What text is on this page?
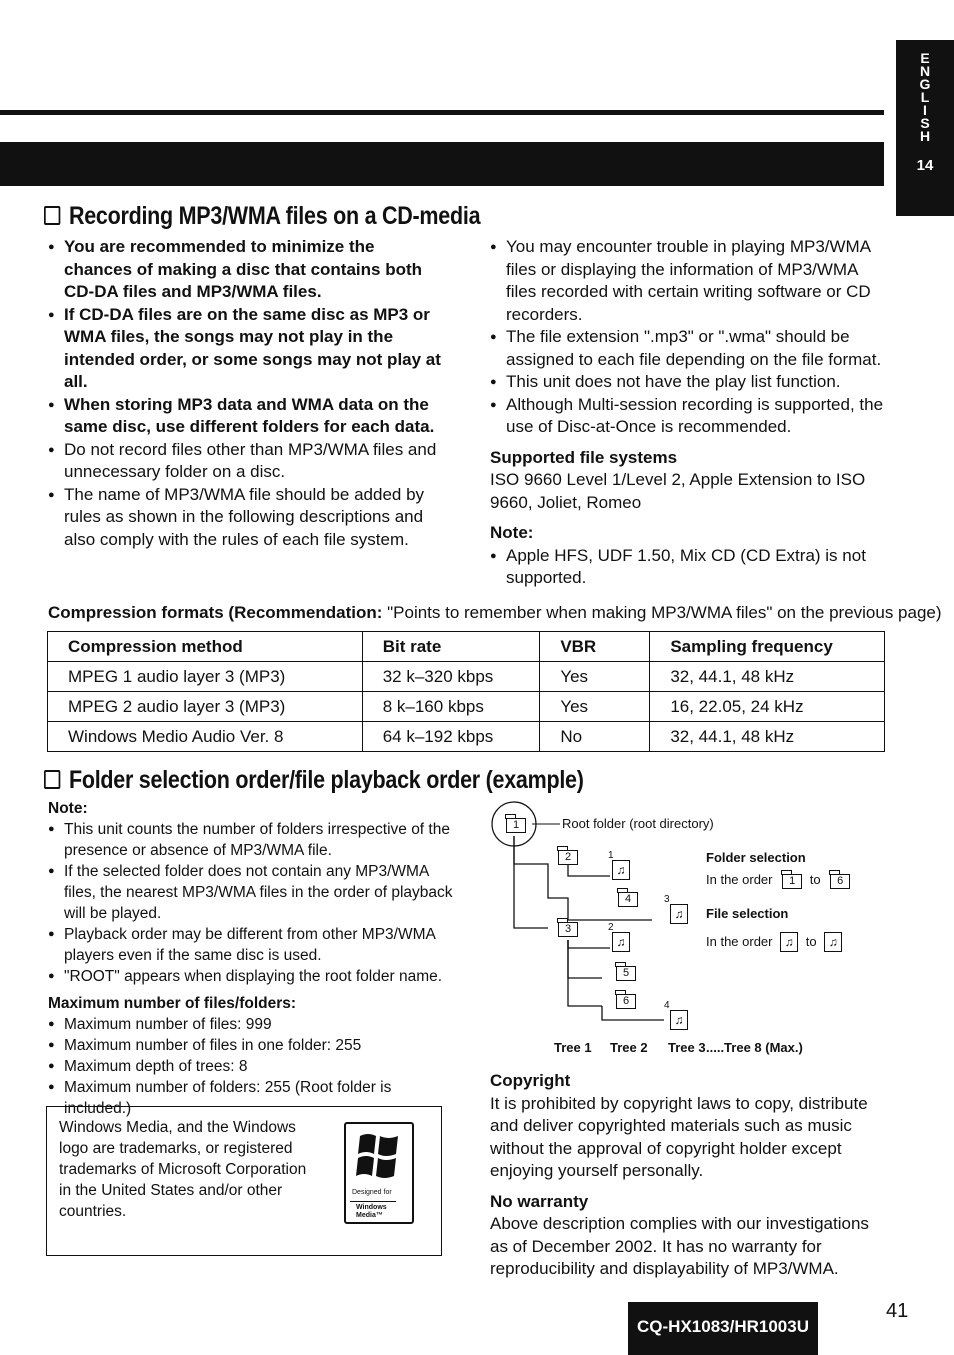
E
N
G
L
I
S
H
14
Recording MP3/WMA files on a CD-media

● You are recommended to minimize the chances of making a disc that contains both CD-DA files and MP3/WMA files.

● If CD-DA files are on the same disc as MP3 or WMA files, the songs may not play in the intended order, or some songs may not play at all.

● When storing MP3 data and WMA data on the same disc, use different folders for each data.

● Do not record files other than MP3/WMA files and unnecessary folder on a disc.

● The name of MP3/WMA file should be added by rules as shown in the following descriptions and also comply with the rules of each file system.

● You may encounter trouble in playing MP3/WMA files or displaying the information of MP3/WMA files recorded with certain writing software or CD recorders.

● The file extension ".mp3" or ".wma" should be assigned to each file depending on the file format.

● This unit does not have the play list function.

● Although Multi-session recording is supported, the use of Disc-at-Once is recommended.

Supported file systems

ISO 9660 Level 1/Level 2, Apple Extension to ISO 9660, Joliet, Romeo

Note:

● Apple HFS, UDF 1.50, Mix CD (CD Extra) is not supported.

Compression formats (Recommendation: "Points to remember when making MP3/WMA files" on the previous page)
Compression method	Bit rate	VBR	Sampling frequency
MPEG 1 audio layer 3 (MP3)	32 k–320 kbps	Yes	32, 44.1, 48 kHz
MPEG 2 audio layer 3 (MP3)	8 k–160 kbps	Yes	16, 22.05, 24 kHz
Windows Medio Audio Ver. 8	64 k–192 kbps	No	32, 44.1, 48 kHz
Folder selection order/file playback order (example)

Note:

● This unit counts the number of folders irrespective of the presence or absence of MP3/WMA file.

● If the selected folder does not contain any MP3/WMA files, the nearest MP3/WMA files in the order of playback will be played.

● Playback order may be different from other MP3/WMA players even if the same disc is used.

● "ROOT" appears when displaying the root folder name.

Maximum number of files/folders:

● Maximum number of files: 999

● Maximum number of files in one folder: 255

● Maximum depth of trees: 8

● Maximum number of folders: 255 (Root folder is included.)

Windows Media, and the Windows logo are trademarks, or registered trademarks of Microsoft Corporation in the United States and/or other countries.
Designed for
Windows Media™
1	Root folder (root directory)
2
4
3
5
6
♫
1
♫
3
♫
2
♫
4
Folder selection
In the order 1 to 6
File selection
In the order ♫ to ♫
Tree 1 Tree 2 Tree 3 .....Tree 8 (Max.)

Copyright

It is prohibited by copyright laws to copy, distribute and deliver copyrighted materials such as music without the approval of copyright holder except enjoying yourself personally.

No warranty

Above description complies with our investigations as of December 2002. It has no warranty for reproducibility and displayability of MP3/WMA.

CQ-HX1083/HR1003U
41
